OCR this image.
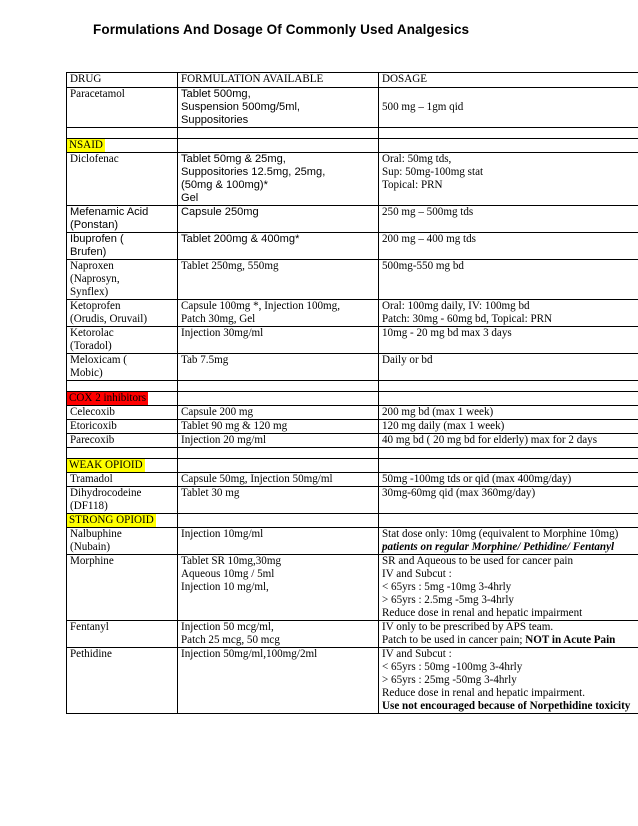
Formulations And Dosage Of Commonly Used Analgesics
DRUG	FORMULATION AVAILABLE	DOSAGE

Paracetamol	Tablet 500mg,
Suspension 500mg/5ml,
Suppositories	500 mg – 1gm qid

NSAID		

Diclofenac	Tablet 50mg & 25mg,
Suppositories 12.5mg, 25mg,
(50mg & 100mg)*
Gel	Oral: 50mg tds,
Sup: 50mg-100mg stat
Topical: PRN

Mefenamic Acid
(Ponstan)	Capsule 250mg	250 mg – 500mg tds

Ibuprofen (
Brufen)	Tablet 200mg & 400mg*	200 mg – 400 mg tds

Naproxen
(Naprosyn,
Synflex)	Tablet 250mg, 550mg	500mg-550 mg bd

Ketoprofen
(Orudis, Oruvail)	Capsule 100mg *, Injection 100mg,
Patch 30mg, Gel	Oral: 100mg daily, IV: 100mg bd
Patch: 30mg - 60mg bd, Topical: PRN

Ketorolac
(Toradol)	Injection 30mg/ml	10mg - 20 mg bd max 3 days

Meloxicam (
Mobic)	Tab 7.5mg	Daily or bd

COX 2 inhibitors		
Celecoxib	Capsule 200 mg	200 mg bd (max 1 week)
Etoricoxib	Tablet 90 mg & 120 mg	120 mg daily (max 1 week)
Parecoxib	Injection 20 mg/ml	40 mg bd ( 20 mg bd for elderly) max for 2 days

WEAK OPIOID		
Tramadol	Capsule 50mg, Injection 50mg/ml	50mg -100mg tds or qid (max 400mg/day)

Dihydrocodeine
(DF118)	Tablet 30 mg	30mg-60mg qid (max 360mg/day)
STRONG OPIOID		

Nalbuphine
(Nubain)	Injection 10mg/ml	Stat dose only: 10mg (equivalent to Morphine 10mg)
patients on regular Morphine/ Pethidine/ Fentanyl

Morphine	Tablet SR 10mg,30mg
Aqueous 10mg / 5ml
Injection 10 mg/ml,	SR and Aqueous to be used for cancer pain
IV and Subcut :
< 65yrs : 5mg -10mg 3-4hrly
> 65yrs : 2.5mg -5mg 3-4hrly
Reduce dose in renal and hepatic impairment

Fentanyl	Injection 50 mcg/ml,
Patch 25 mcg, 50 mcg	IV only to be prescribed by APS team.
Patch to be used in cancer pain; NOT in Acute Pain

Pethidine	Injection 50mg/ml,100mg/2ml	IV and Subcut :
< 65yrs : 50mg -100mg 3-4hrly
> 65yrs : 25mg -50mg 3-4hrly
Reduce dose in renal and hepatic impairment.
Use not encouraged because of Norpethidine toxicity
